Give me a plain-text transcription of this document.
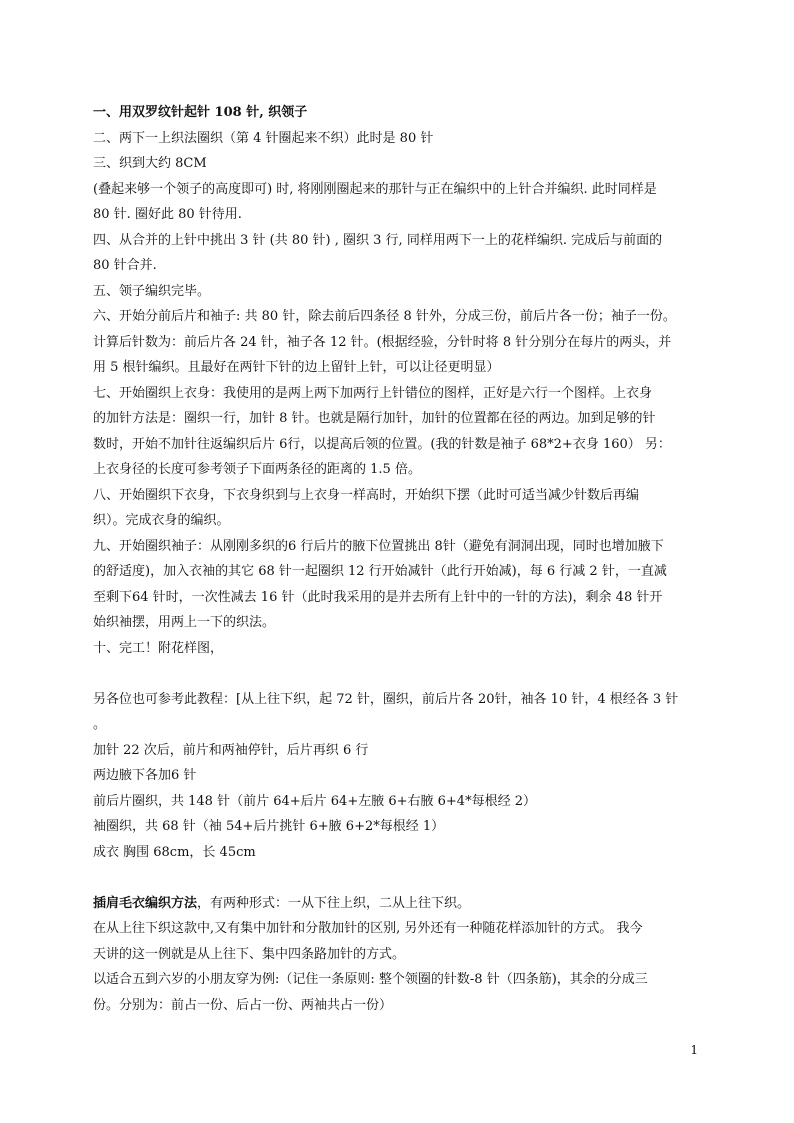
一、用双罗纹针起针 108 针, 织领子
二、两下一上织法圈织（第 4 针圈起来不织）此时是 80 针
三、织到大约 8CM
(叠起来够一个领子的高度即可) 时, 将刚刚圈起来的那针与正在编织中的上针合并编织. 此时同样是
80 针. 圈好此 80 针待用.
四、从合并的上针中挑出 3 针 (共 80 针) , 圈织 3 行, 同样用两下一上的花样编织. 完成后与前面的
80 针合并.
五、领子编织完毕。
六、开始分前后片和袖子: 共 80 针，除去前后四条径 8 针外，分成三份，前后片各一份；袖子一份。
计算后针数为：前后片各 24 针，袖子各 12 针。(根据经验，分针时将 8 针分别分在每片的两头，并
用 5 根针编织。且最好在两针下针的边上留针上针，可以让径更明显）
七、开始圈织上衣身：我使用的是两上两下加两行上针错位的图样，正好是六行一个图样。上衣身
的加针方法是：圈织一行，加针 8 针。也就是隔行加针，加针的位置都在径的两边。加到足够的针
数时，开始不加针往返编织后片 6行，以提高后领的位置。(我的针数是袖子 68*2+衣身 160） 另：
上衣身径的长度可参考领子下面两条径的距离的 1.5 倍。
八、开始圈织下衣身，下衣身织到与上衣身一样高时，开始织下摆（此时可适当减少针数后再编
织）。完成衣身的编织。
九、开始圈织袖子：从刚刚多织的6 行后片的腋下位置挑出 8针（避免有洞洞出现，同时也增加腋下
的舒适度)，加入衣袖的其它 68 针一起圈织 12 行开始减针（此行开始减)，每 6 行减 2 针，一直减
至剩下64 针时，一次性减去 16 针（此时我采用的是并去所有上针中的一针的方法)，剩余 48 针开
始织袖摆，用两上一下的织法。
十、完工！附花样图，
另各位也可参考此教程：[从上往下织，起 72 针，圈织，前后片各 20针，袖各 10 针，4 根经各 3 针
。
加针 22 次后，前片和两袖停针，后片再织 6 行
两边腋下各加6 针
前后片圈织，共 148 针（前片 64+后片 64+左腋 6+右腋 6+4*每根经 2）
袖圈织，共 68 针（袖 54+后片挑针 6+腋 6+2*每根经 1）
成衣 胸围 68cm，长 45cm
插肩毛衣编织方法，有两种形式：一从下往上织，二从上往下织。
在从上往下织这款中,又有集中加针和分散加针的区别, 另外还有一种随花样添加针的方式。 我今
天讲的这一例就是从上往下、集中四条路加针的方式。
以适合五到六岁的小朋友穿为例:（记住一条原则: 整个领圈的针数-8 针（四条筋)，其余的分成三
份。分别为：前占一份、后占一份、两袖共占一份）
1
